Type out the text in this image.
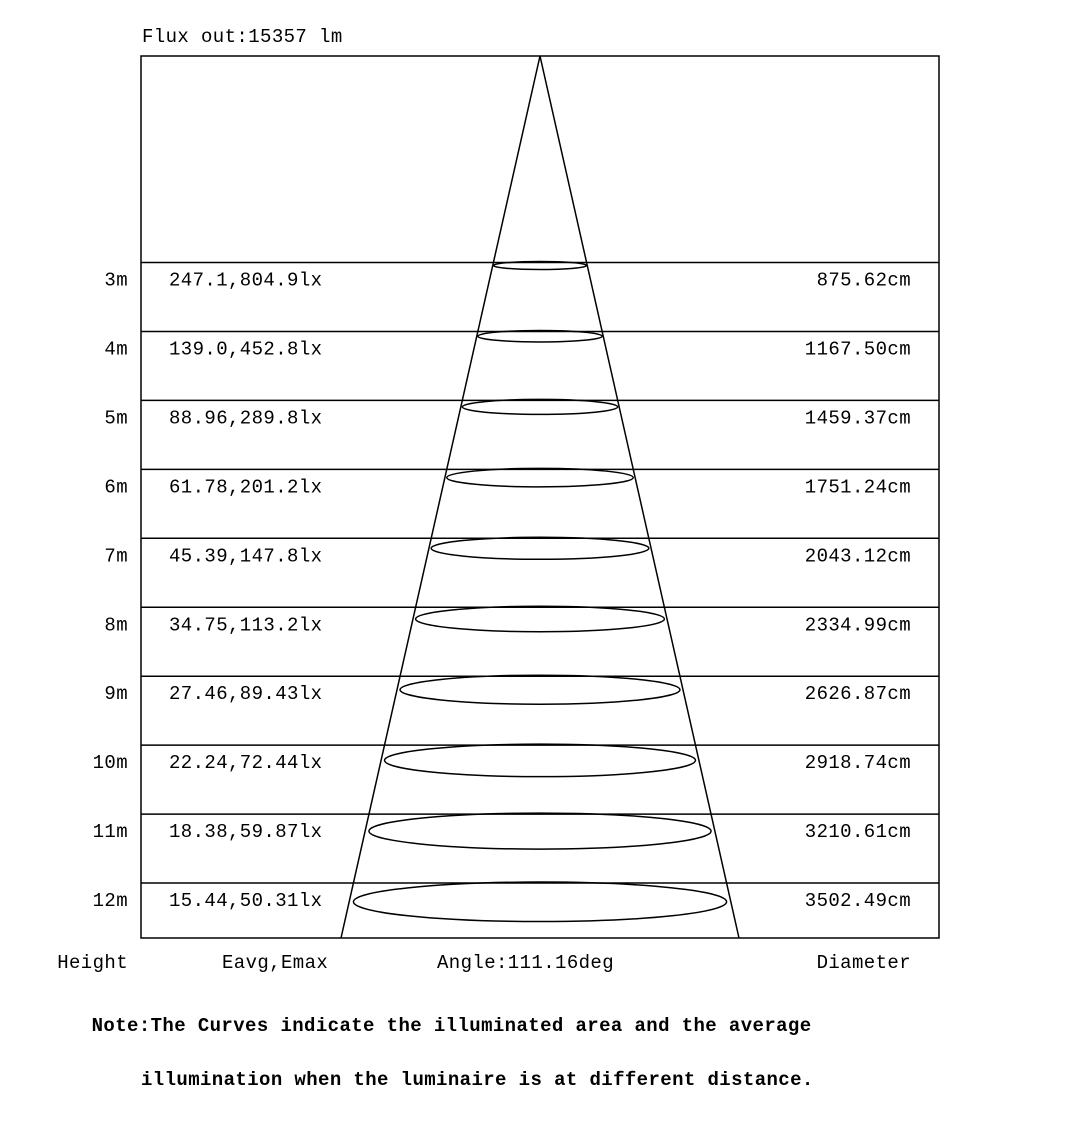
Flux out:15357 lm
3m 247.1,804.9lx	875.62cm
4m 139.0,452.8lx	1167.50cm
5m 88.96,289.8lx	1459.37cm
6m 61.78,201.2lx	1751.24cm
7m 45.39,147.8lx	2043.12cm
8m 34.75,113.2lx	2334.99cm
9m 27.46,89.43lx	2626.87cm
10m 22.24,72.44lx	2918.74cm
11m 18.38,59.87lx	3210.61cm
12m 15.44,50.31lx	3502.49cm
Height	Eavg,Emax	Angle:111.16deg	Diameter

Note:The Curves indicate the illuminated area and the average

illumination when the luminaire is at different distance.
